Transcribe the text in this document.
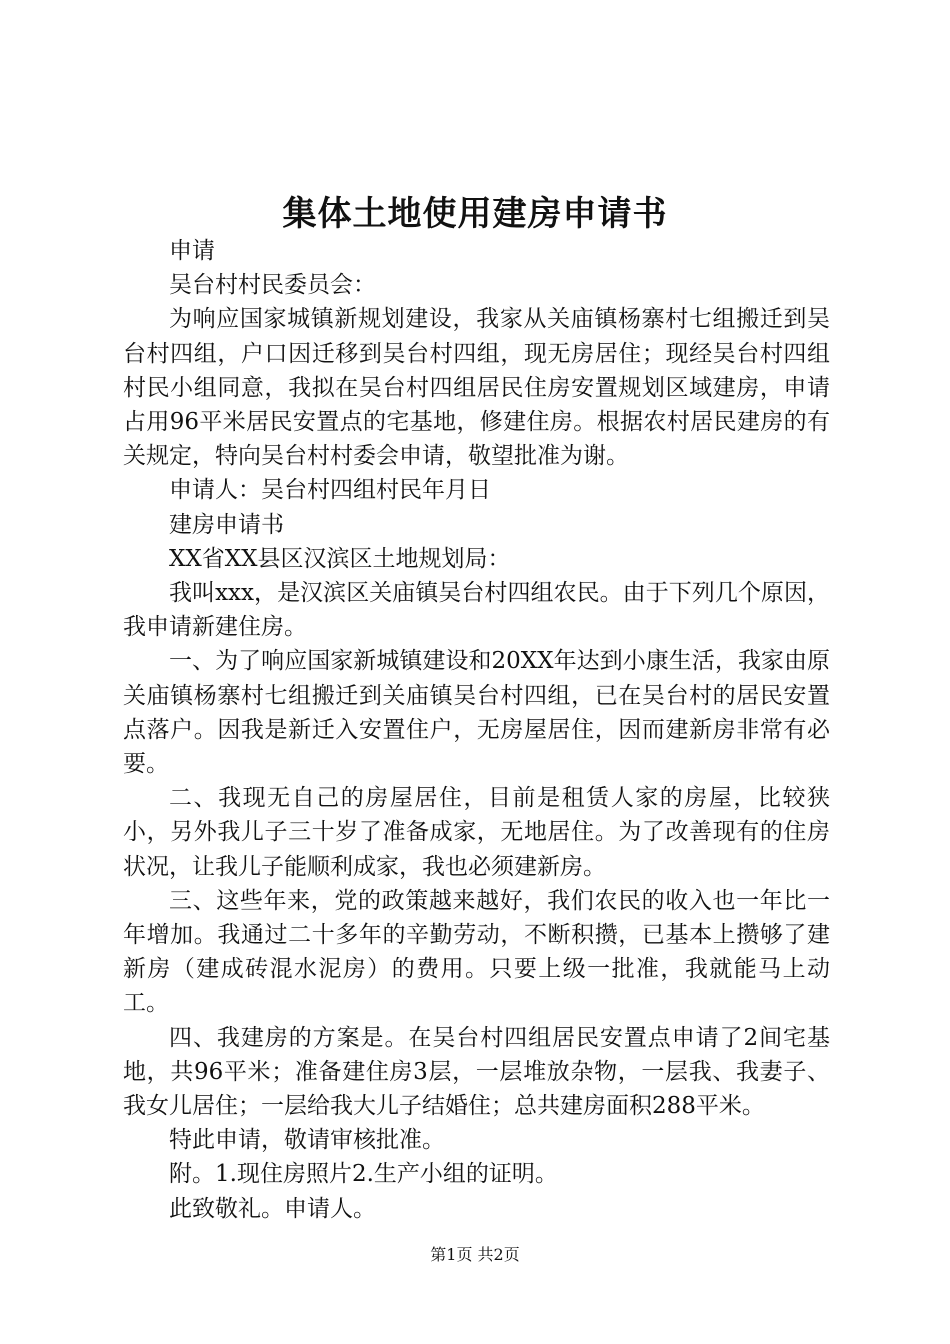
集体土地使用建房申请书

申请

吴台村村民委员会：

为响应国家城镇新规划建设，我家从关庙镇杨寨村七组搬迁到吴台村四组，户口因迁移到吴台村四组，现无房居住；现经吴台村四组村民小组同意，我拟在吴台村四组居民住房安置规划区域建房，申请占用96平米居民安置点的宅基地，修建住房。根据农村居民建房的有关规定，特向吴台村村委会申请，敬望批准为谢。

申请人：吴台村四组村民年月日

建房申请书

XX省XX县区汉滨区土地规划局：

我叫xxx，是汉滨区关庙镇吴台村四组农民。由于下列几个原因，我申请新建住房。

一、为了响应国家新城镇建设和20XX年达到小康生活，我家由原关庙镇杨寨村七组搬迁到关庙镇吴台村四组，已在吴台村的居民安置点落户。因我是新迁入安置住户，无房屋居住，因而建新房非常有必要。

二、我现无自己的房屋居住，目前是租赁人家的房屋，比较狭小，另外我儿子三十岁了准备成家，无地居住。为了改善现有的住房状况，让我儿子能顺利成家，我也必须建新房。

三、这些年来，党的政策越来越好，我们农民的收入也一年比一年增加。我通过二十多年的辛勤劳动，不断积攒，已基本上攒够了建新房（建成砖混水泥房）的费用。只要上级一批准，我就能马上动工。

四、我建房的方案是。在吴台村四组居民安置点申请了2间宅基地，共96平米；准备建住房3层，一层堆放杂物，一层我、我妻子、我女儿居住；一层给我大儿子结婚住；总共建房面积288平米。

特此申请，敬请审核批准。

附。1.现住房照片2.生产小组的证明。

此致敬礼。申请人。

第1页 共2页
